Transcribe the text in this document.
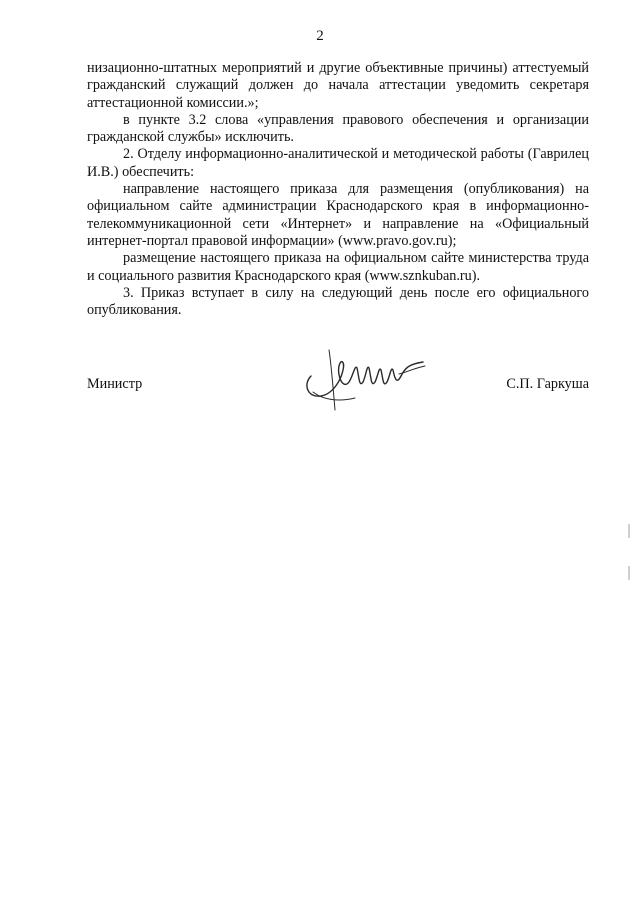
2

низационно-штатных мероприятий и другие объективные причины) аттестуемый гражданский служащий должен до начала аттестации уведомить секретаря аттестационной комиссии.»;

в пункте 3.2 слова «управления правового обеспечения и организации гражданской службы» исключить.

2. Отделу информационно-аналитической и методической работы (Гаврилец И.В.) обеспечить:

направление настоящего приказа для размещения (опубликования) на официальном сайте администрации Краснодарского края в информационно-телекоммуникационной сети «Интернет» и направление на «Официальный интернет-портал правовой информации» (www.pravo.gov.ru);

размещение настоящего приказа на официальном сайте министерства труда и социального развития Краснодарского края (www.sznkuban.ru).

3. Приказ вступает в силу на следующий день после его официального опубликования.

Министр	С.П. Гаркуша
